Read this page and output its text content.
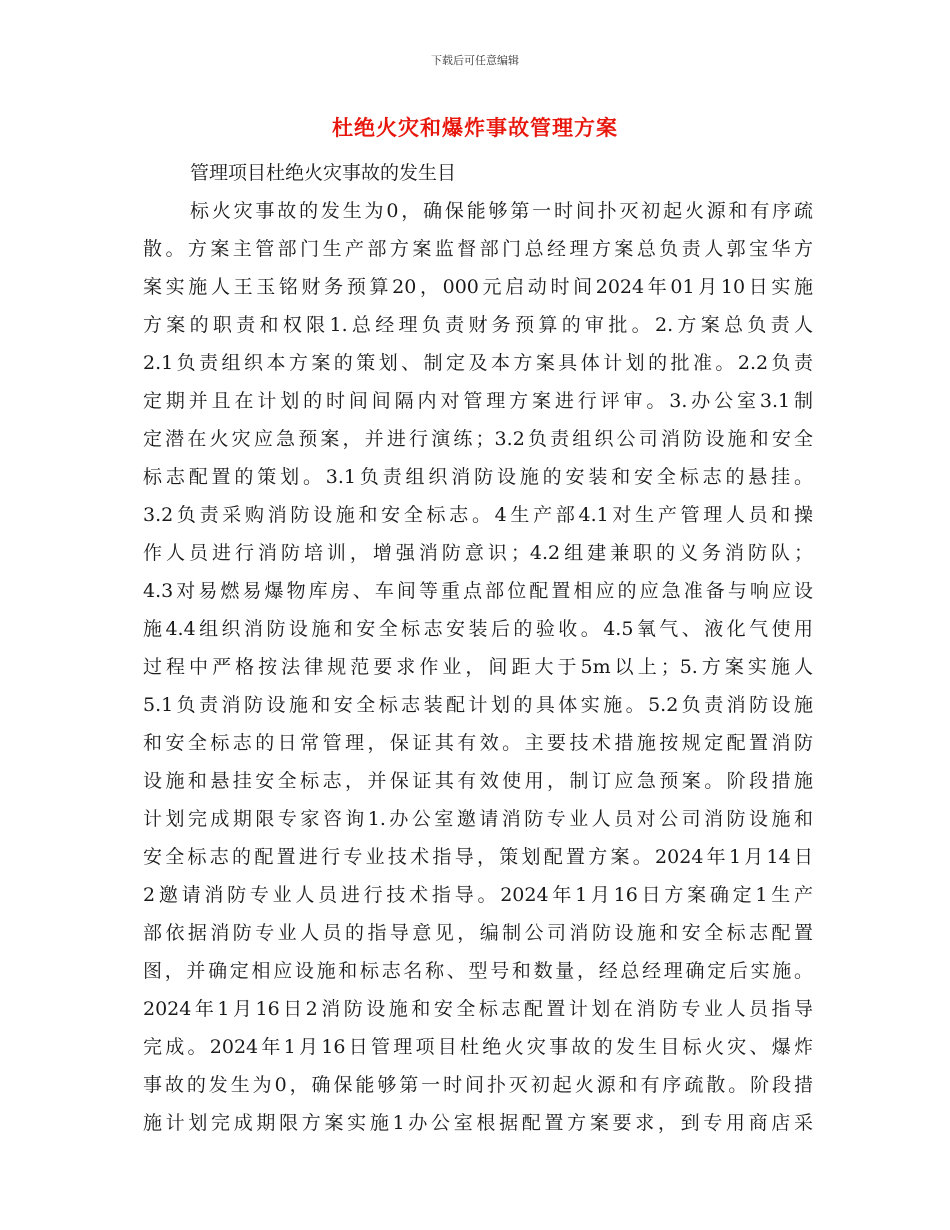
下载后可任意编辑
杜绝火灾和爆炸事故管理方案
管理项目杜绝火灾事故的发生目
标火灾事故的发生为0，确保能够第一时间扑灭初起火源和有序疏
散。方案主管部门生产部方案监督部门总经理方案总负责人郭宝华方
案实施人王玉铭财务预算20，000元启动时间2024年01月10日实施
方案的职责和权限1.总经理负责财务预算的审批。2.方案总负责人
2.1负责组织本方案的策划、制定及本方案具体计划的批准。2.2负责
定期并且在计划的时间间隔内对管理方案进行评审。3.办公室3.1制
定潜在火灾应急预案，并进行演练；3.2负责组织公司消防设施和安全
标志配置的策划。3.1负责组织消防设施的安装和安全标志的悬挂。
3.2负责采购消防设施和安全标志。4生产部4.1对生产管理人员和操
作人员进行消防培训，增强消防意识；4.2组建兼职的义务消防队；
4.3对易燃易爆物库房、车间等重点部位配置相应的应急准备与响应设
施4.4组织消防设施和安全标志安装后的验收。4.5氧气、液化气使用
过程中严格按法律规范要求作业，间距大于5m以上；5.方案实施人
5.1负责消防设施和安全标志装配计划的具体实施。5.2负责消防设施
和安全标志的日常管理，保证其有效。主要技术措施按规定配置消防
设施和悬挂安全标志，并保证其有效使用，制订应急预案。阶段措施
计划完成期限专家咨询1.办公室邀请消防专业人员对公司消防设施和
安全标志的配置进行专业技术指导，策划配置方案。2024年1月14日
2邀请消防专业人员进行技术指导。2024年1月16日方案确定1生产
部依据消防专业人员的指导意见，编制公司消防设施和安全标志配置
图，并确定相应设施和标志名称、型号和数量，经总经理确定后实施。
2024年1月16日2消防设施和安全标志配置计划在消防专业人员指导
完成。2024年1月16日管理项目杜绝火灾事故的发生目标火灾、爆炸
事故的发生为0，确保能够第一时间扑灭初起火源和有序疏散。阶段措
施计划完成期限方案实施1办公室根据配置方案要求，到专用商店采
